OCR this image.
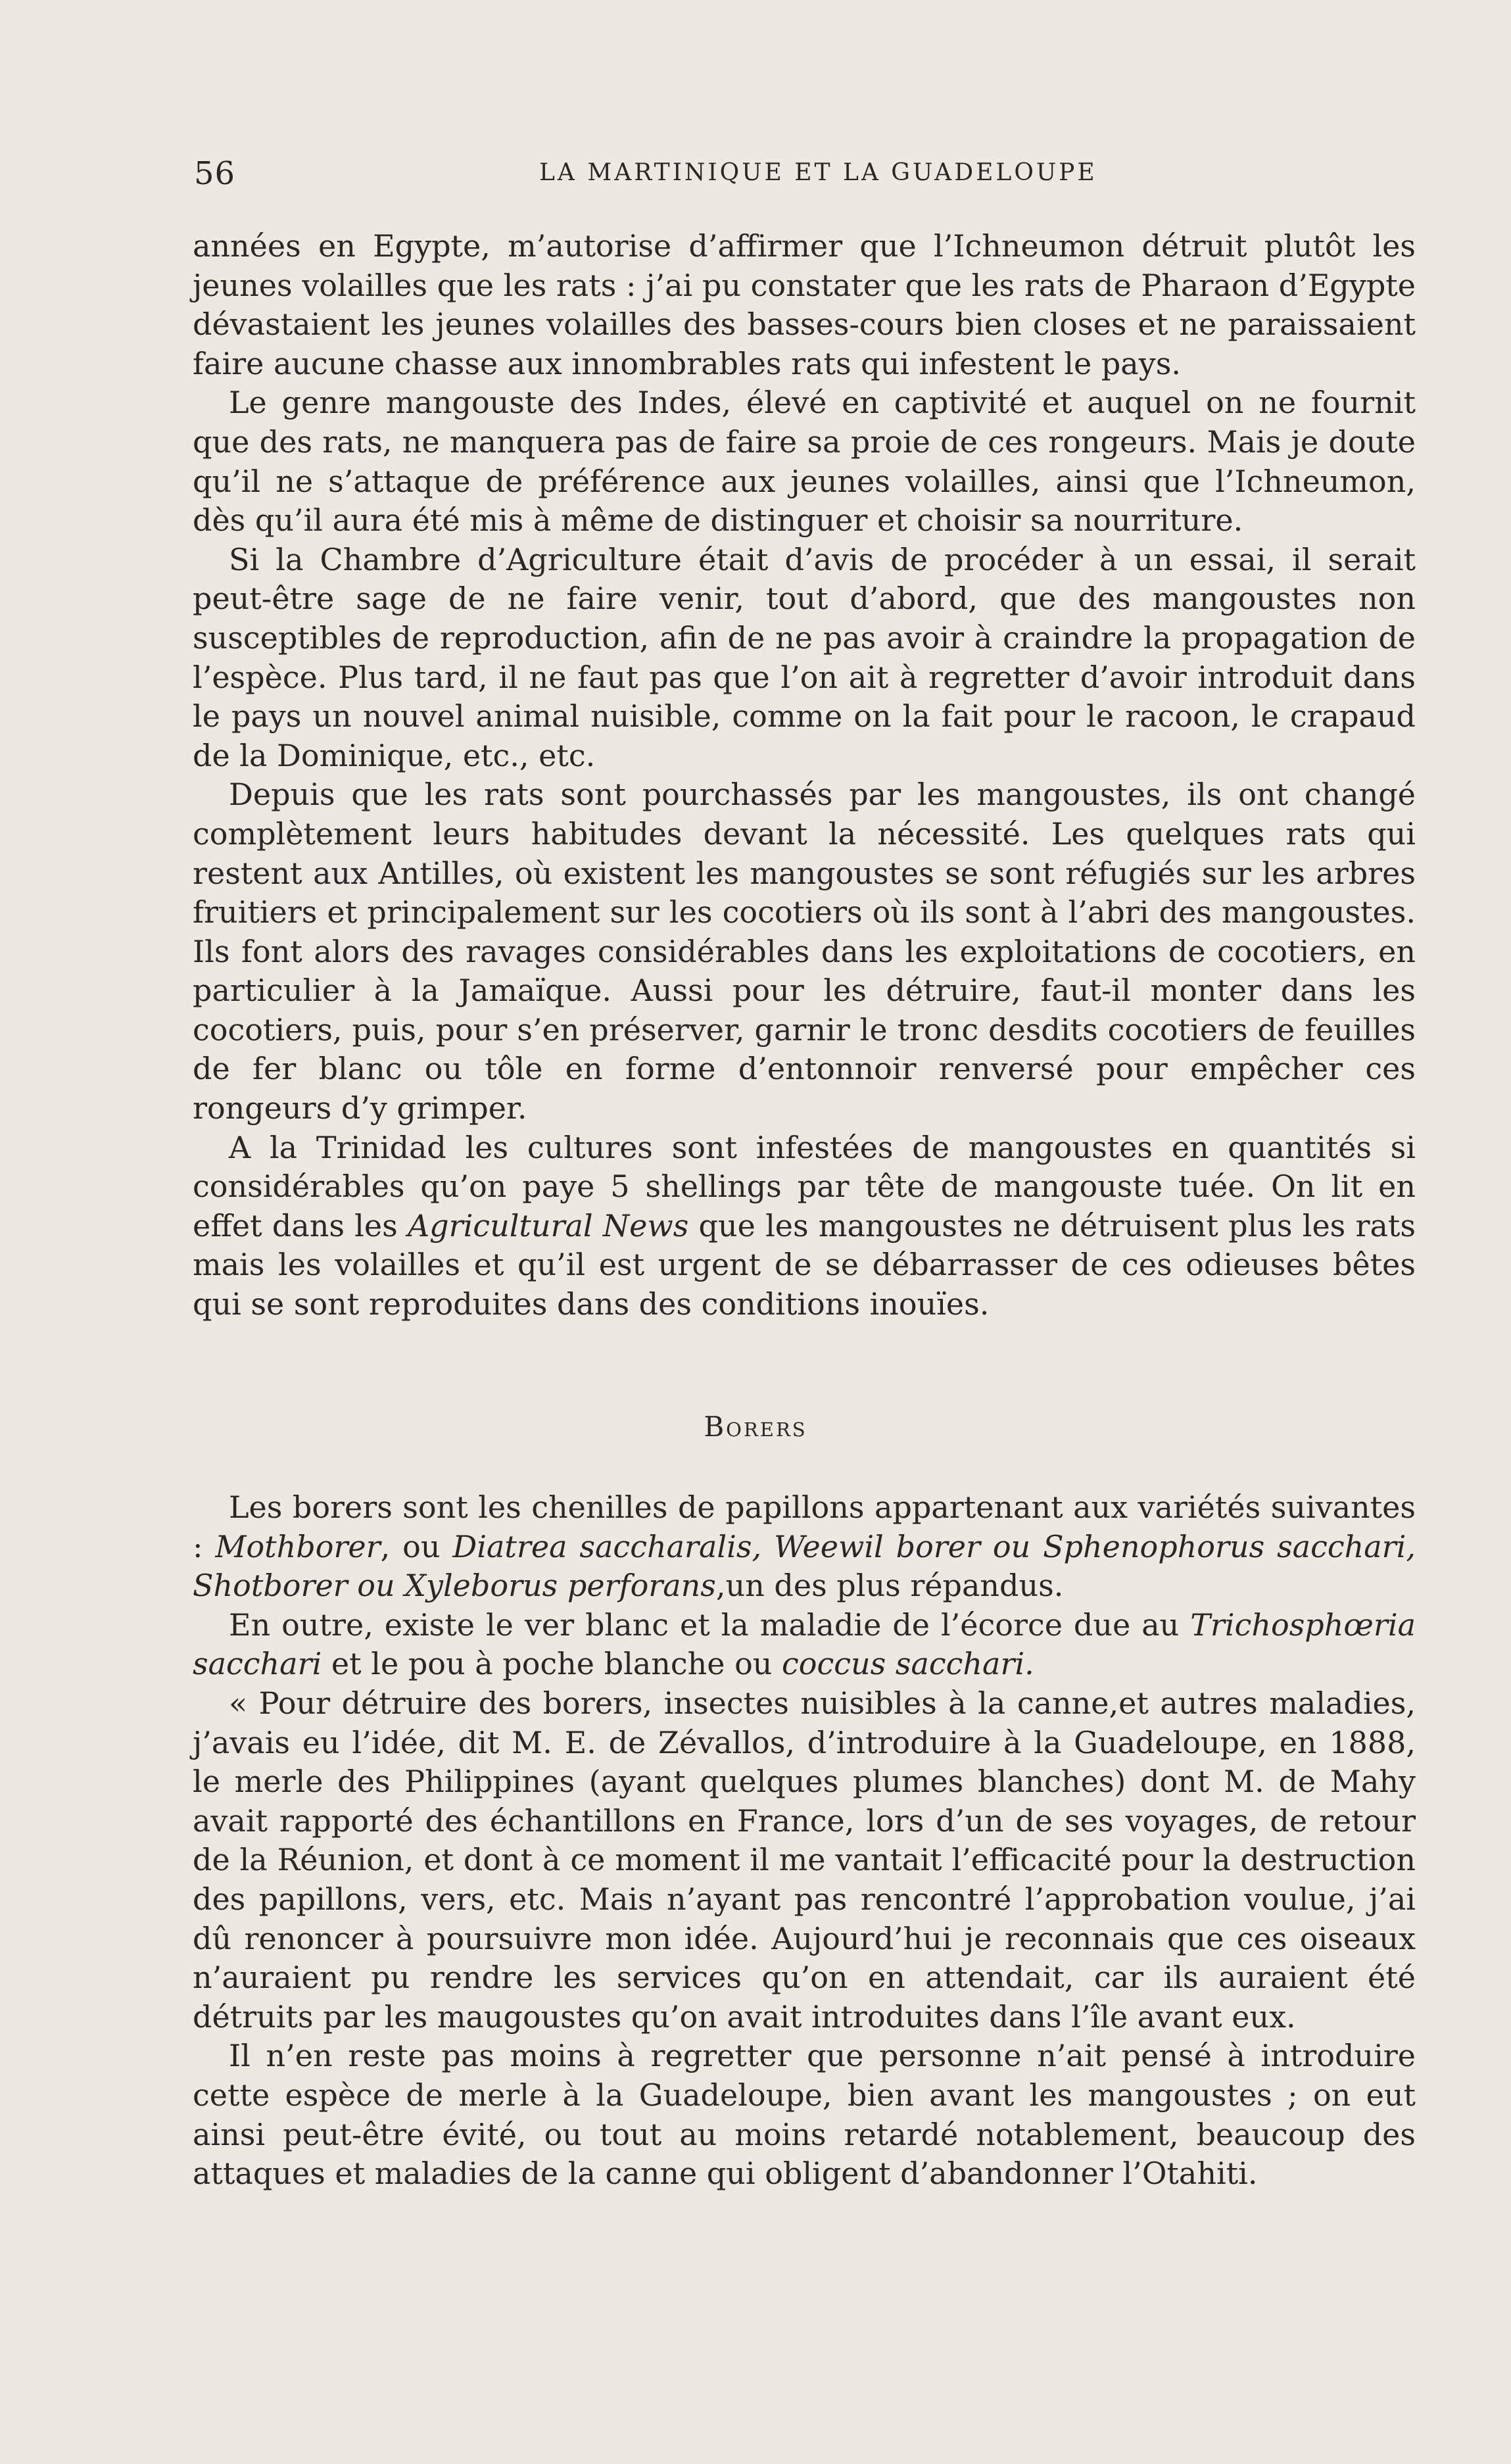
56	LA MARTINIQUE ET LA GUADELOUPE

années en Egypte, m’autorise d’affirmer que l’Ichneumon détruit plutôt les jeunes volailles que les rats : j’ai pu constater que les rats de Pharaon d’Egypte dévastaient les jeunes volailles des basses-cours bien closes et ne paraissaient faire aucune chasse aux innombrables rats qui infestent le pays.

Le genre mangouste des Indes, élevé en captivité et auquel on ne fournit que des rats, ne manquera pas de faire sa proie de ces rongeurs. Mais je doute qu’il ne s’attaque de préférence aux jeunes volailles, ainsi que l’Ichneumon, dès qu’il aura été mis à même de distinguer et choisir sa nourriture.

Si la Chambre d’Agriculture était d’avis de procéder à un essai, il serait peut-être sage de ne faire venir, tout d’abord, que des mangoustes non susceptibles de reproduction, afin de ne pas avoir à craindre la propagation de l’espèce. Plus tard, il ne faut pas que l’on ait à regretter d’avoir introduit dans le pays un nouvel animal nuisible, comme on la fait pour le racoon, le crapaud de la Dominique, etc., etc.

Depuis que les rats sont pourchassés par les mangoustes, ils ont changé complètement leurs habitudes devant la nécessité. Les quelques rats qui restent aux Antilles, où existent les mangoustes se sont réfugiés sur les arbres fruitiers et principalement sur les cocotiers où ils sont à l’abri des mangoustes. Ils font alors des ravages considérables dans les exploitations de cocotiers, en particulier à la Jamaïque. Aussi pour les détruire, faut-il monter dans les cocotiers, puis, pour s’en préserver, garnir le tronc desdits cocotiers de feuilles de fer blanc ou tôle en forme d’entonnoir renversé pour empêcher ces rongeurs d’y grimper.

A la Trinidad les cultures sont infestées de mangoustes en quantités si considérables qu’on paye 5 shellings par tête de mangouste tuée. On lit en effet dans les Agricultural News que les mangoustes ne détruisent plus les rats mais les volailles et qu’il est urgent de se débarrasser de ces odieuses bêtes qui se sont reproduites dans des conditions inouïes.

Borers

Les borers sont les chenilles de papillons appartenant aux variétés suivantes : Mothborer, ou Diatrea saccharalis, Weewil borer ou Sphenophorus sacchari, Shotborer ou Xyleborus perforans,un des plus répandus.

En outre, existe le ver blanc et la maladie de l’écorce due au Trichosphœria sacchari et le pou à poche blanche ou coccus sacchari.

« Pour détruire des borers, insectes nuisibles à la canne,et autres maladies, j’avais eu l’idée, dit M. E. de Zévallos, d’introduire à la Guadeloupe, en 1888, le merle des Philippines (ayant quelques plumes blanches) dont M. de Mahy avait rapporté des échantillons en France, lors d’un de ses voyages, de retour de la Réunion, et dont à ce moment il me vantait l’efficacité pour la destruction des papillons, vers, etc. Mais n’ayant pas rencontré l’approbation voulue, j’ai dû renoncer à poursuivre mon idée. Aujourd’hui je reconnais que ces oiseaux n’auraient pu rendre les services qu’on en attendait, car ils auraient été détruits par les maugoustes qu’on avait introduites dans l’île avant eux.

Il n’en reste pas moins à regretter que personne n’ait pensé à introduire cette espèce de merle à la Guadeloupe, bien avant les mangoustes ; on eut ainsi peut-être évité, ou tout au moins retardé notablement, beaucoup des attaques et maladies de la canne qui obligent d’abandonner l’Otahiti.
